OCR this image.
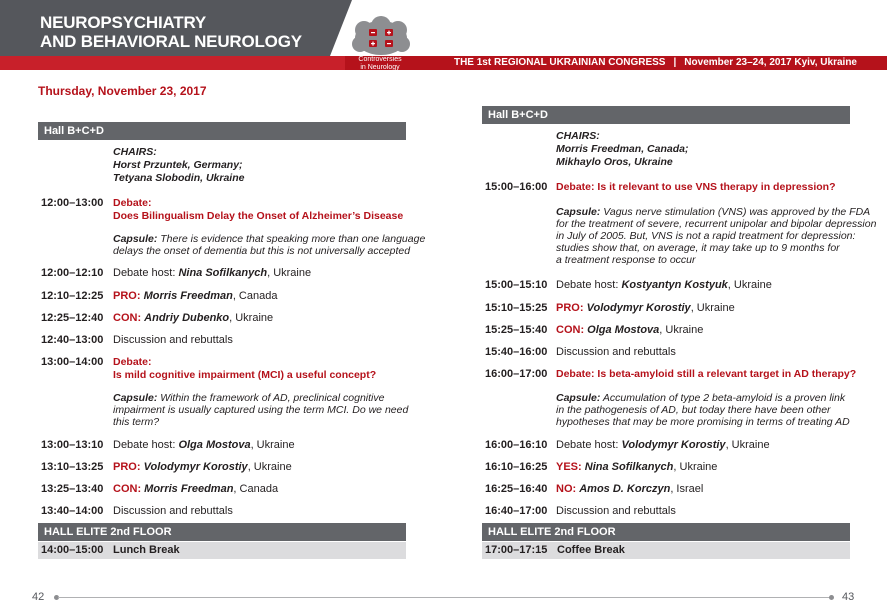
NEUROPSYCHIATRY
AND BEHAVIORAL NEUROLOGY
THE 1st REGIONAL UKRAINIAN CONGRESS | November 23–24, 2017 Kyiv, Ukraine
Controversies
in Neurology
Thursday, November 23, 2017
Hall B+C+D
CHAIRS:
Horst Przuntek, Germany;
Tetyana Slobodin, Ukraine
12:00–13:00 Debate:
Does Bilingualism Delay the Onset of Alzheimer’s Disease
Capsule: There is evidence that speaking more than one language
delays the onset of dementia but this is not universally accepted
12:00–12:10 Debate host: Nina Sofilkanych, Ukraine
12:10–12:25 PRO: Morris Freedman, Canada
12:25–12:40 CON: Andriy Dubenko, Ukraine
12:40–13:00 Discussion and rebuttals
13:00–14:00 Debate:
Is mild cognitive impairment (MCI) a useful concept?
Capsule: Within the framework of AD, preclinical cognitive
impairment is usually captured using the term MCI. Do we need
this term?
13:00–13:10 Debate host: Olga Mostova, Ukraine
13:10–13:25 PRO: Volodymyr Korostiy, Ukraine
13:25–13:40 CON: Morris Freedman, Canada
13:40–14:00 Discussion and rebuttals
HALL ELITE 2nd FLOOR
14:00–15:00 Lunch Break
Hall B+C+D
CHAIRS:
Morris Freedman, Canada;
Mikhaylo Oros, Ukraine
15:00–16:00 Debate: Is it relevant to use VNS therapy in depression?
Capsule: Vagus nerve stimulation (VNS) was approved by the FDA
for the treatment of severe, recurrent unipolar and bipolar depression
in July of 2005. But, VNS is not a rapid treatment for depression:
studies show that, on average, it may take up to 9 months for
a treatment response to occur
15:00–15:10 Debate host: Kostyantyn Kostyuk, Ukraine
15:10–15:25 PRO: Volodymyr Korostiy, Ukraine
15:25–15:40 CON: Olga Mostova, Ukraine
15:40–16:00 Discussion and rebuttals
16:00–17:00 Debate: Is beta-amyloid still a relevant target in AD therapy?
Capsule: Accumulation of type 2 beta-amyloid is a proven link
in the pathogenesis of AD, but today there have been other
hypotheses that may be more promising in terms of treating AD
16:00–16:10 Debate host: Volodymyr Korostiy, Ukraine
16:10–16:25 YES: Nina Sofilkanych, Ukraine
16:25–16:40 NO: Amos D. Korczyn, Israel
16:40–17:00 Discussion and rebuttals
HALL ELITE 2nd FLOOR
17:00–17:15 Coffee Break
42	43
